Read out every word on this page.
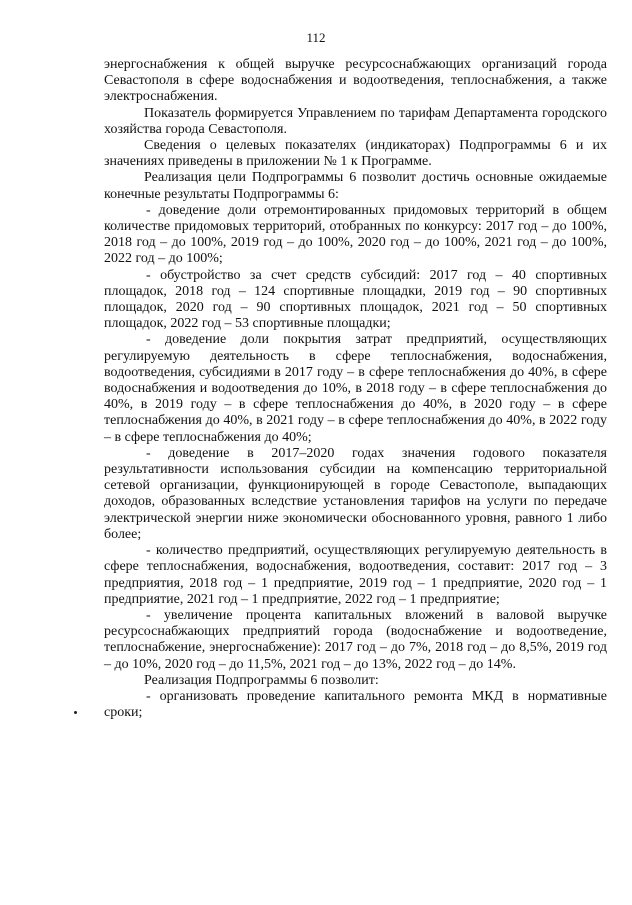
112

энергоснабжения к общей выручке ресурсоснабжающих организаций города Севастополя в сфере водоснабжения и водоотведения, теплоснабжения, а также электроснабжения.

Показатель формируется Управлением по тарифам Департамента городского хозяйства города Севастополя.

Сведения о целевых показателях (индикаторах) Подпрограммы 6 и их значениях приведены в приложении № 1 к Программе.

Реализация цели Подпрограммы 6 позволит достичь основные ожидаемые конечные результаты Подпрограммы 6:

- доведение доли отремонтированных придомовых территорий в общем количестве придомовых территорий, отобранных по конкурсу: 2017 год – до 100%, 2018 год – до 100%, 2019 год – до 100%, 2020 год – до 100%, 2021 год – до 100%, 2022 год – до 100%;

- обустройство за счет средств субсидий: 2017 год – 40 спортивных площадок, 2018 год – 124 спортивные площадки, 2019 год – 90 спортивных площадок, 2020 год – 90 спортивных площадок, 2021 год – 50 спортивных площадок, 2022 год – 53 спортивные площадки;

- доведение доли покрытия затрат предприятий, осуществляющих регулируемую деятельность в сфере теплоснабжения, водоснабжения, водоотведения, субсидиями в 2017 году – в сфере теплоснабжения до 40%, в сфере водоснабжения и водоотведения до 10%, в 2018 году – в сфере теплоснабжения до 40%, в 2019 году – в сфере теплоснабжения до 40%, в 2020 году – в сфере теплоснабжения до 40%, в 2021 году – в сфере теплоснабжения до 40%, в 2022 году – в сфере теплоснабжения до 40%;

- доведение в 2017–2020 годах значения годового показателя результативности использования субсидии на компенсацию территориальной сетевой организации, функционирующей в городе Севастополе, выпадающих доходов, образованных вследствие установления тарифов на услуги по передаче электрической энергии ниже экономически обоснованного уровня, равного 1 либо более;

- количество предприятий, осуществляющих регулируемую деятельность в сфере теплоснабжения, водоснабжения, водоотведения, составит: 2017 год – 3 предприятия, 2018 год – 1 предприятие, 2019 год – 1 предприятие, 2020 год – 1 предприятие, 2021 год – 1 предприятие, 2022 год – 1 предприятие;

- увеличение процента капитальных вложений в валовой выручке ресурсоснабжающих предприятий города (водоснабжение и водоотведение, теплоснабжение, энергоснабжение): 2017 год – до 7%, 2018 год – до 8,5%, 2019 год – до 10%, 2020 год – до 11,5%, 2021 год – до 13%, 2022 год – до 14%.

Реализация Подпрограммы 6 позволит:

- организовать проведение капитального ремонта МКД в нормативные сроки;
